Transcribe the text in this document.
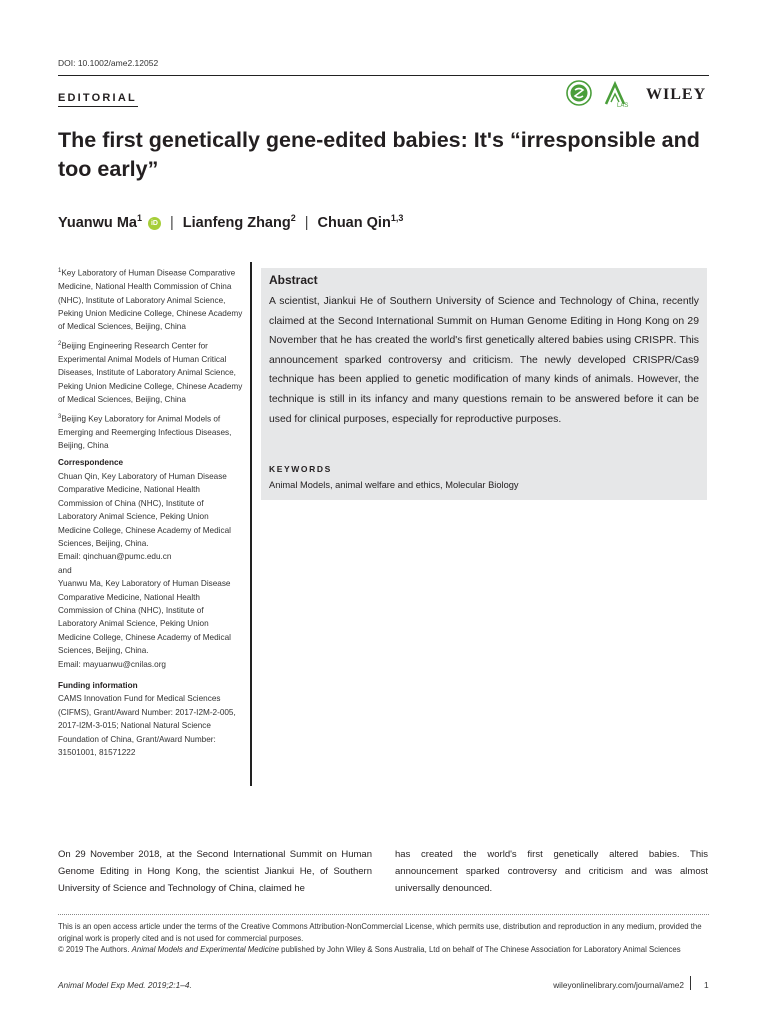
DOI: 10.1002/ame2.12052
EDITORIAL
LAS
WILEY
The first genetically gene-edited babies: It's “irresponsible and too early”
Yuanwu Ma$^1$ iD | Lianfeng Zhang$^2$ | Chuan Qin$^{1,3}$

$^1$Key Laboratory of Human Disease Comparative Medicine, National Health Commission of China (NHC), Institute of Laboratory Animal Science, Peking Union Medicine College, Chinese Academy of Medical Sciences, Beijing, China

$^2$Beijing Engineering Research Center for Experimental Animal Models of Human Critical Diseases, Institute of Laboratory Animal Science, Peking Union Medicine College, Chinese Academy of Medical Sciences, Beijing, China

$^3$Beijing Key Laboratory for Animal Models of Emerging and Reemerging Infectious Diseases, Beijing, China

Correspondence
Chuan Qin, Key Laboratory of Human Disease Comparative Medicine, National Health Commission of China (NHC), Institute of Laboratory Animal Science, Peking Union Medicine College, Chinese Academy of Medical Sciences, Beijing, China.
Email: qinchuan@pumc.edu.cn
and
Yuanwu Ma, Key Laboratory of Human Disease Comparative Medicine, National Health Commission of China (NHC), Institute of Laboratory Animal Science, Peking Union Medicine College, Chinese Academy of Medical Sciences, Beijing, China.
Email: mayuanwu@cnilas.org
Funding information
CAMS Innovation Fund for Medical Sciences (CIFMS), Grant/Award Number: 2017-I2M-2-005, 2017-I2M-3-015; National Natural Science Foundation of China, Grant/Award Number: 31501001, 81571222
Abstract
A scientist, Jiankui He of Southern University of Science and Technology of China, recently claimed at the Second International Summit on Human Genome Editing in Hong Kong on 29 November that he has created the world's first genetically altered babies using CRISPR. This announcement sparked controversy and criticism. The newly developed CRISPR/Cas9 technique has been applied to genetic modification of many kinds of animals. However, the technique is still in its infancy and many questions remain to be answered before it can be used for clinical purposes, especially for reproductive purposes.
KEYWORDS
Animal Models, animal welfare and ethics, Molecular Biology
On 29 November 2018, at the Second International Summit on Human Genome Editing in Hong Kong, the scientist Jiankui He, of Southern University of Science and Technology of China, claimed he
has created the world's first genetically altered babies. This announcement sparked controversy and criticism and was almost universally denounced.

This is an open access article under the terms of the Creative Commons Attribution-NonCommercial License, which permits use, distribution and reproduction in any medium, provided the original work is properly cited and is not used for commercial purposes.

© 2019 The Authors. Animal Models and Experimental Medicine published by John Wiley & Sons Australia, Ltd on behalf of The Chinese Association for Laboratory Animal Sciences

Animal Model Exp Med. 2019;2:1–4.	wileyonlinelibrary.com/journal/ame2 1
